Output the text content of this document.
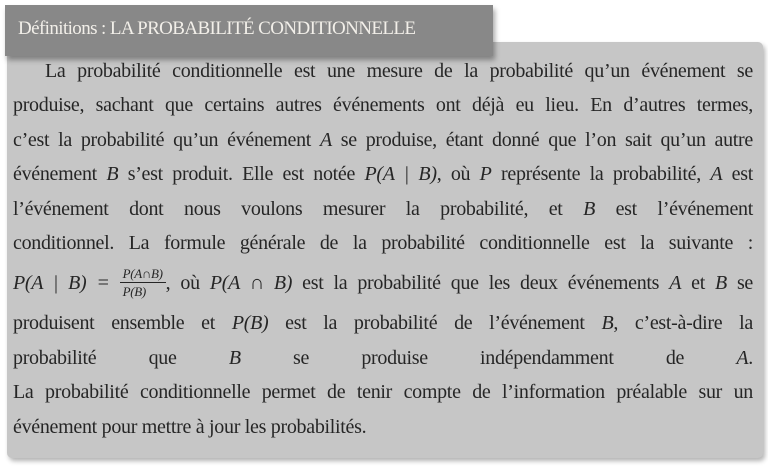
La probabilité conditionnelle est une mesure de la probabilité qu’un événement se
produise, sachant que certains autres événements ont déjà eu lieu. En d’autres termes,
c’est la probabilité qu’un événement A se produise, étant donné que l’on sait qu’un autre
événement B s’est produit. Elle est notée P(A | B), où P représente la probabilité, A est
l’événement dont nous voulons mesurer la probabilité, et B est l’événement
conditionnel. La formule générale de la probabilité conditionnelle est la suivante :
P(A | $B) = \frac{P(A\cap B)}{P(B)}$ , où P(A ∩ B) est la probabilité que les deux événements A et B se
produisent ensemble et P(B) est la probabilité de l’événement B, c’est-à-dire la
probabilité que B se produise indépendamment de A.
La probabilité conditionnelle permet de tenir compte de l’information préalable sur un
événement pour mettre à jour les probabilités.
Définitions : LA PROBABILITÉ CONDITIONNELLE
